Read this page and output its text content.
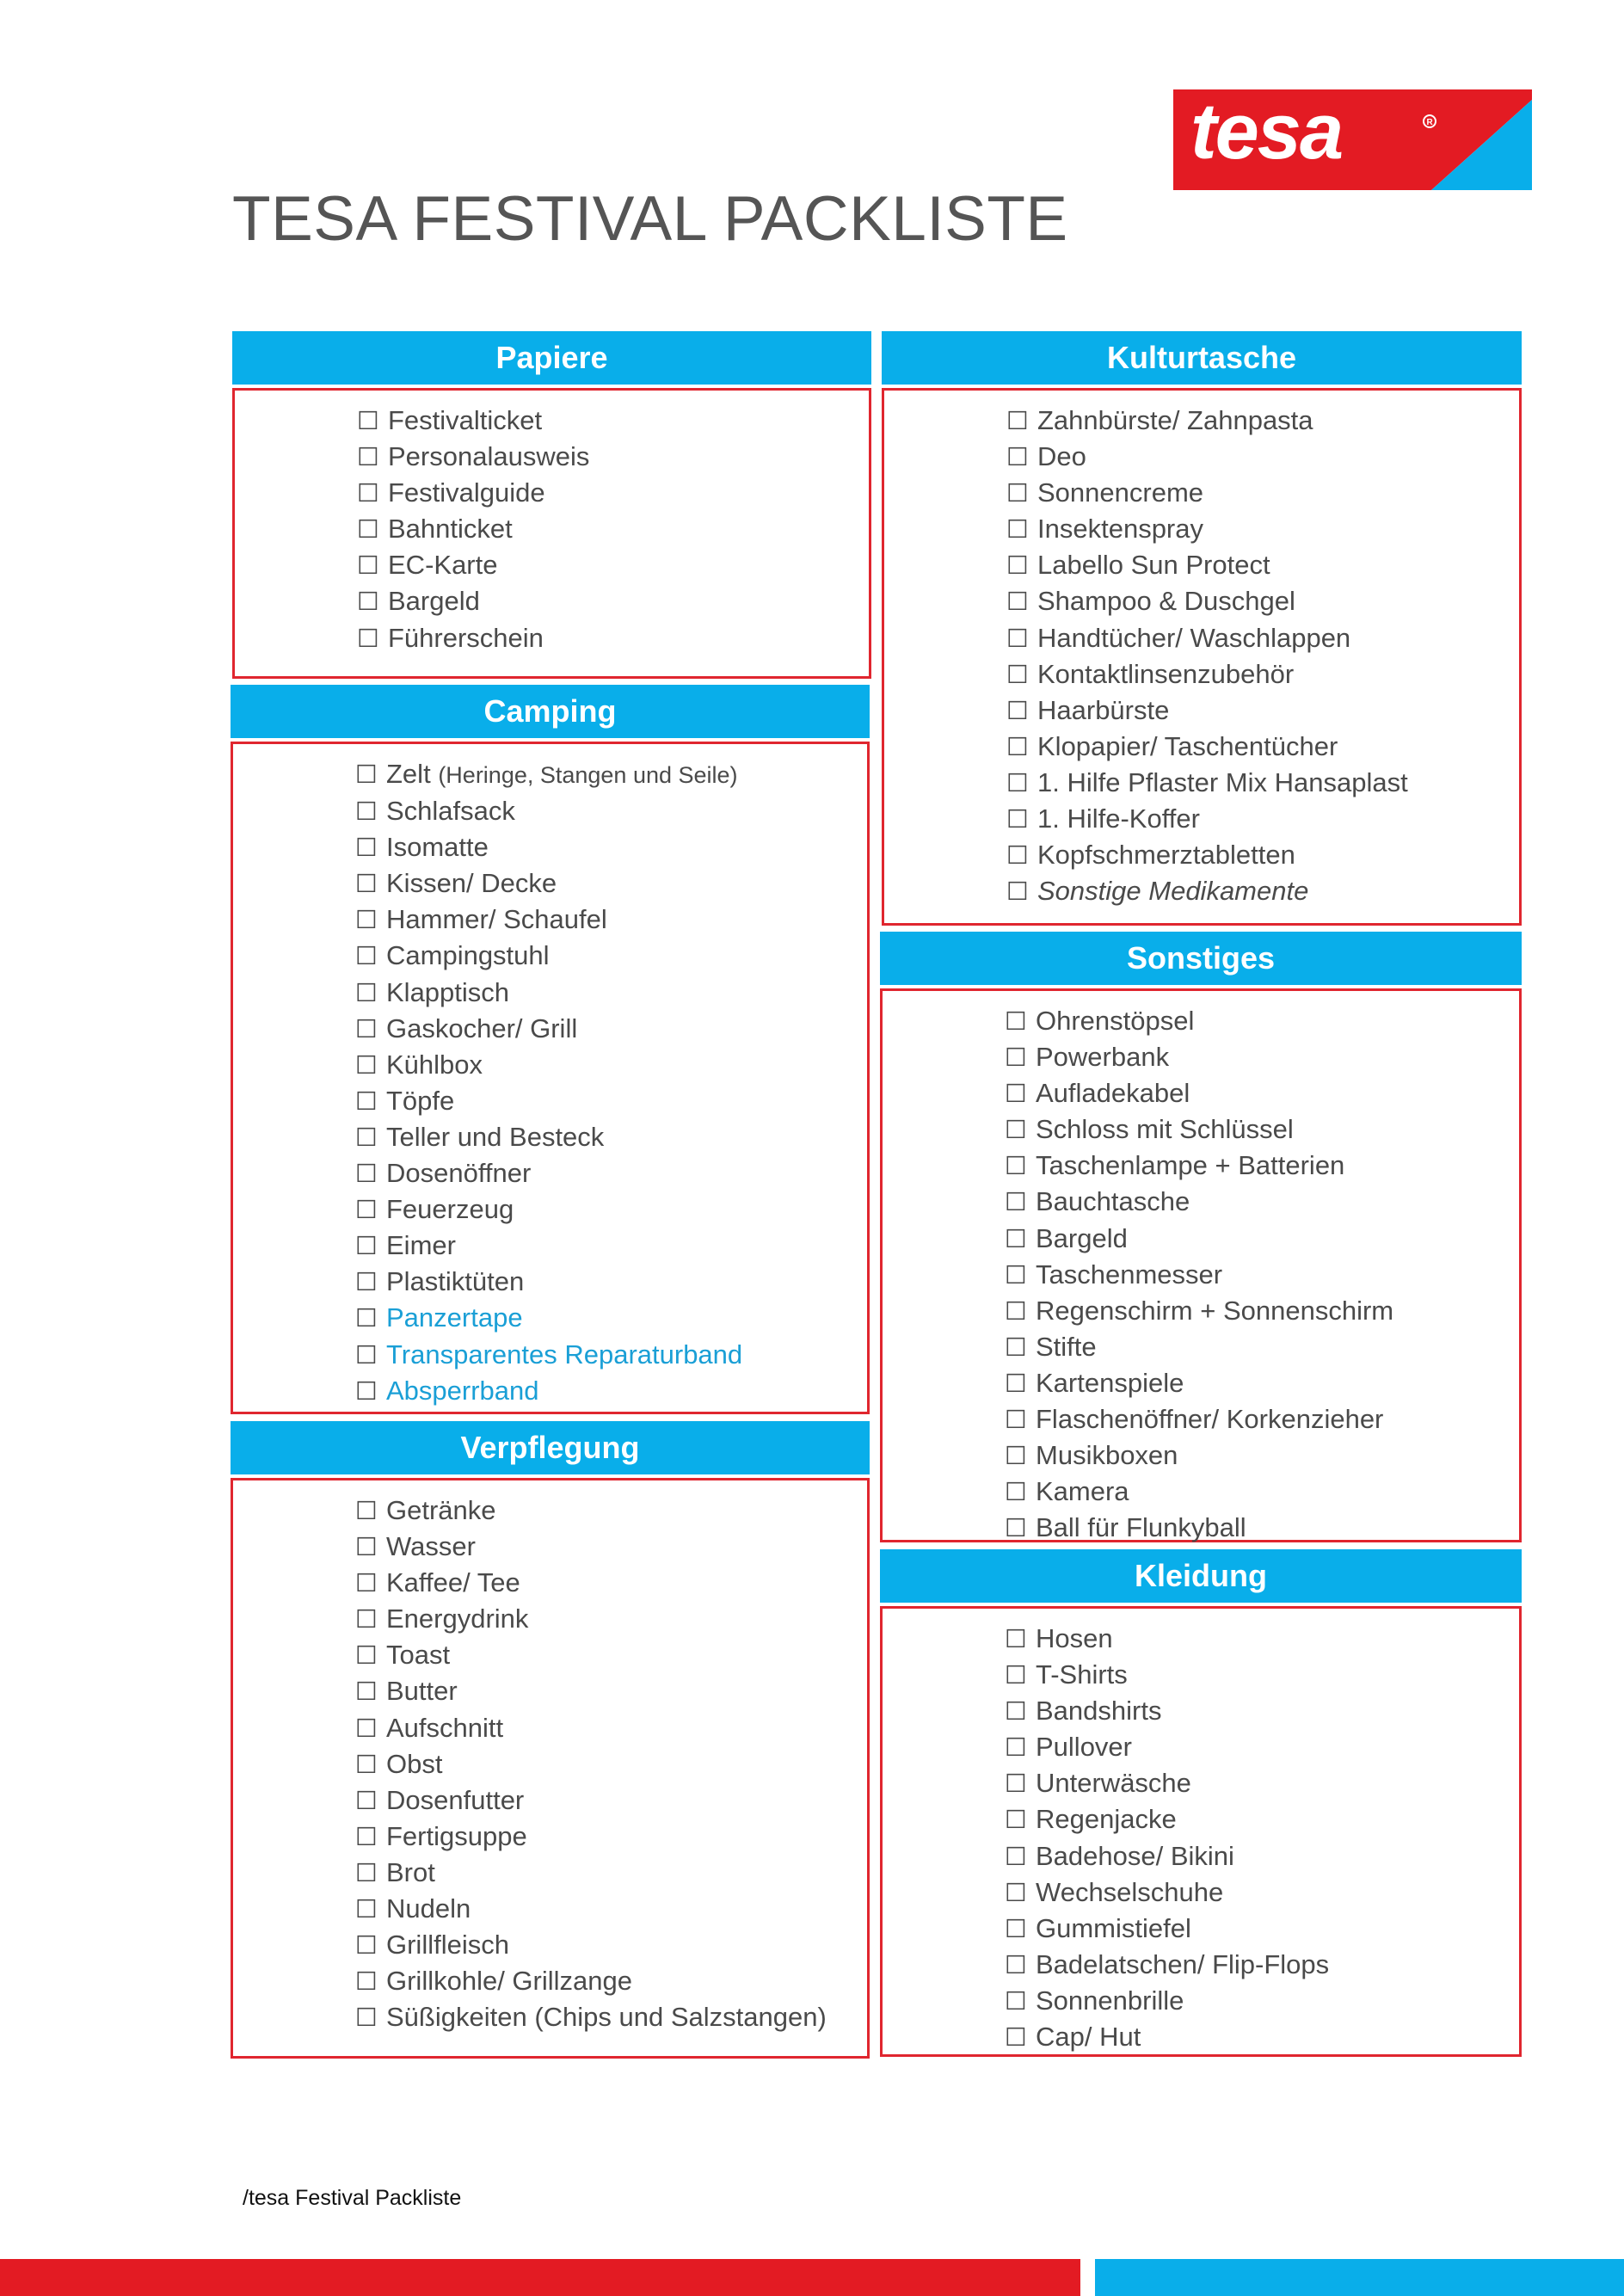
tesa	R
TESA FESTIVAL PACKLISTE
Papiere
☐ Festivalticket
☐ Personalausweis
☐ Festivalguide
☐ Bahnticket
☐ EC-Karte
☐ Bargeld
☐ Führerschein
Camping
☐ Zelt (Heringe, Stangen und Seile)
☐ Schlafsack
☐ Isomatte
☐ Kissen/ Decke
☐ Hammer/ Schaufel
☐ Campingstuhl
☐ Klapptisch
☐ Gaskocher/ Grill
☐ Kühlbox
☐ Töpfe
☐ Teller und Besteck
☐ Dosenöffner
☐ Feuerzeug
☐ Eimer
☐ Plastiktüten
☐ Panzertape
☐ Transparentes Reparaturband
☐ Absperrband
Verpflegung
☐ Getränke
☐ Wasser
☐ Kaffee/ Tee
☐ Energydrink
☐ Toast
☐ Butter
☐ Aufschnitt
☐ Obst
☐ Dosenfutter
☐ Fertigsuppe
☐ Brot
☐ Nudeln
☐ Grillfleisch
☐ Grillkohle/ Grillzange
☐ Süßigkeiten (Chips und Salzstangen)
Kulturtasche
☐ Zahnbürste/ Zahnpasta
☐ Deo
☐ Sonnencreme
☐ Insektenspray
☐ Labello Sun Protect
☐ Shampoo & Duschgel
☐ Handtücher/ Waschlappen
☐ Kontaktlinsenzubehör
☐ Haarbürste
☐ Klopapier/ Taschentücher
☐ 1. Hilfe Pflaster Mix Hansaplast
☐ 1. Hilfe-Koffer
☐ Kopfschmerztabletten
☐ Sonstige Medikamente
Sonstiges
☐ Ohrenstöpsel
☐ Powerbank
☐ Aufladekabel
☐ Schloss mit Schlüssel
☐ Taschenlampe + Batterien
☐ Bauchtasche
☐ Bargeld
☐ Taschenmesser
☐ Regenschirm + Sonnenschirm
☐ Stifte
☐ Kartenspiele
☐ Flaschenöffner/ Korkenzieher
☐ Musikboxen
☐ Kamera
☐ Ball für Flunkyball
Kleidung
☐ Hosen
☐ T-Shirts
☐ Bandshirts
☐ Pullover
☐ Unterwäsche
☐ Regenjacke
☐ Badehose/ Bikini
☐ Wechselschuhe
☐ Gummistiefel
☐ Badelatschen/ Flip-Flops
☐ Sonnenbrille
☐ Cap/ Hut
/tesa Festival Packliste
